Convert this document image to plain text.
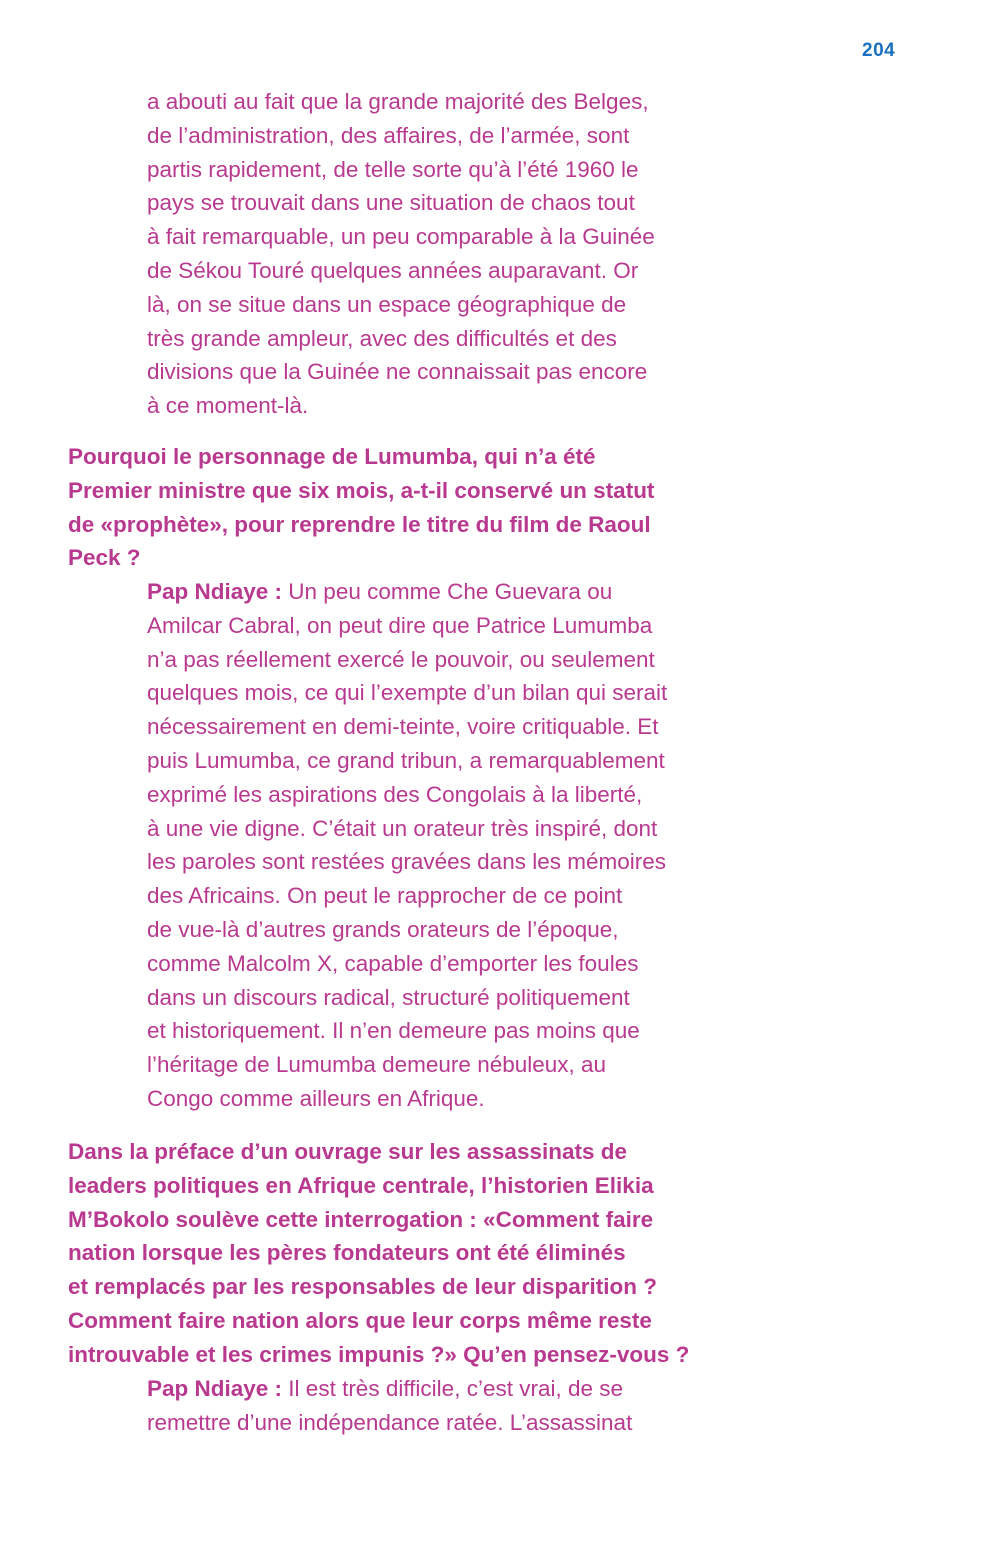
204
a abouti au fait que la grande majorité des Belges,
de l’administration, des affaires, de l’armée, sont
partis rapidement, de telle sorte qu’à l’été 1960 le
pays se trouvait dans une situation de chaos tout
à fait remarquable, un peu comparable à la Guinée
de Sékou Touré quelques années auparavant. Or
là, on se situe dans un espace géographique de
très grande ampleur, avec des difficultés et des
divisions que la Guinée ne connaissait pas encore
à ce moment-là.
Pourquoi le personnage de Lumumba, qui n’a été
Premier ministre que six mois, a-t-il conservé un statut
de «prophète», pour reprendre le titre du film de Raoul
Peck ?
Pap Ndiaye : Un peu comme Che Guevara ou
Amilcar Cabral, on peut dire que Patrice Lumumba
n’a pas réellement exercé le pouvoir, ou seulement
quelques mois, ce qui l’exempte d’un bilan qui serait
nécessairement en demi-teinte, voire critiquable. Et
puis Lumumba, ce grand tribun, a remarquablement
exprimé les aspirations des Congolais à la liberté,
à une vie digne. C’était un orateur très inspiré, dont
les paroles sont restées gravées dans les mémoires
des Africains. On peut le rapprocher de ce point
de vue-là d’autres grands orateurs de l’époque,
comme Malcolm X, capable d’emporter les foules
dans un discours radical, structuré politiquement
et historiquement. Il n’en demeure pas moins que
l’héritage de Lumumba demeure nébuleux, au
Congo comme ailleurs en Afrique.
Dans la préface d’un ouvrage sur les assassinats de
leaders politiques en Afrique centrale, l’historien Elikia
M’Bokolo soulève cette interrogation : «Comment faire
nation lorsque les pères fondateurs ont été éliminés
et remplacés par les responsables de leur disparition ?
Comment faire nation alors que leur corps même reste
introuvable et les crimes impunis ?» Qu’en pensez-vous ?
Pap Ndiaye : Il est très difficile, c’est vrai, de se
remettre d’une indépendance ratée. L’assassinat
